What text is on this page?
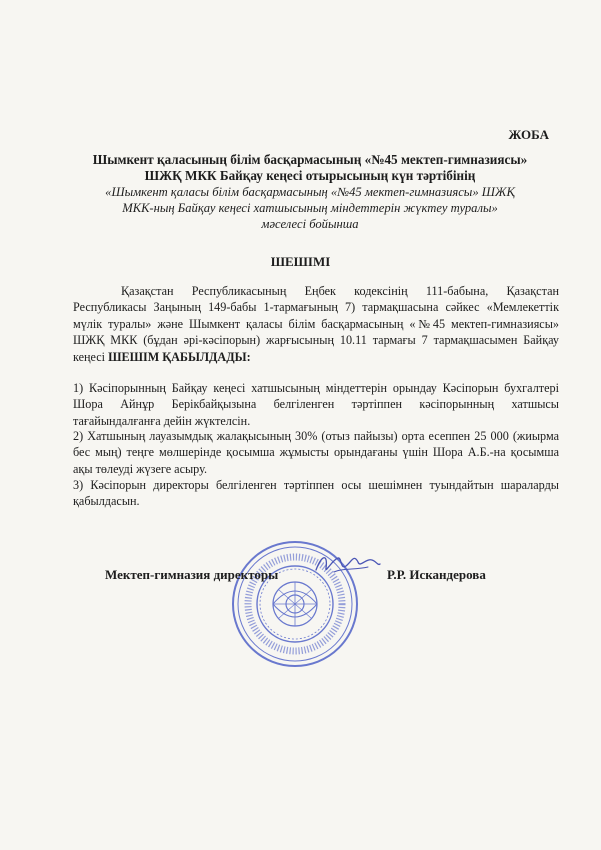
ЖОБА
Шымкент қаласының білім басқармасының «№45 мектеп-гимназиясы»
ШЖҚ МКК Байқау кеңесі отырысының күн тәртібінің
«Шымкент қаласы білім басқармасының «№45 мектеп-гимназиясы» ШЖҚ
МКК-ның Байқау кеңесі хатшысының міндеттерін жүктеу туралы»
мәселесі бойынша
ШЕШІМІ

Қазақстан Республикасының Еңбек кодексінің 111-бабына, Қазақстан Республикасы Заңының 149-бабы 1-тармағының 7) тармақшасына сәйкес «Мемлекеттік мүлік туралы» және Шымкент қаласы білім басқармасының «№45 мектеп-гимназиясы» ШЖҚ МКК (бұдан әрі-кәсіпорын) жарғысының 10.11 тармағы 7 тармақшасымен Байқау кеңесі ШЕШІМ ҚАБЫЛДАДЫ:

1) Кәсіпорынның Байқау кеңесі хатшысының міндеттерін орындау Кәсіпорын бухгалтері Шора Айнұр Берікбайқызына белгіленген тәртіппен кәсіпорынның хатшысы тағайындалғанға дейін жүктелсін.

2) Хатшының лауазымдық жалақысының 30% (отыз пайызы) орта есеппен 25 000 (жиырма бес мың) теңге мөлшерінде қосымша жұмысты орындағаны үшін Шора А.Б.-на қосымша ақы төлеуді жүзеге асыру.

3) Кәсіпорын директоры белгіленген тәртіппен осы шешімнен туындайтын шараларды қабылдасын.

Мектеп-гимназия директоры	Р.Р. Искандерова
